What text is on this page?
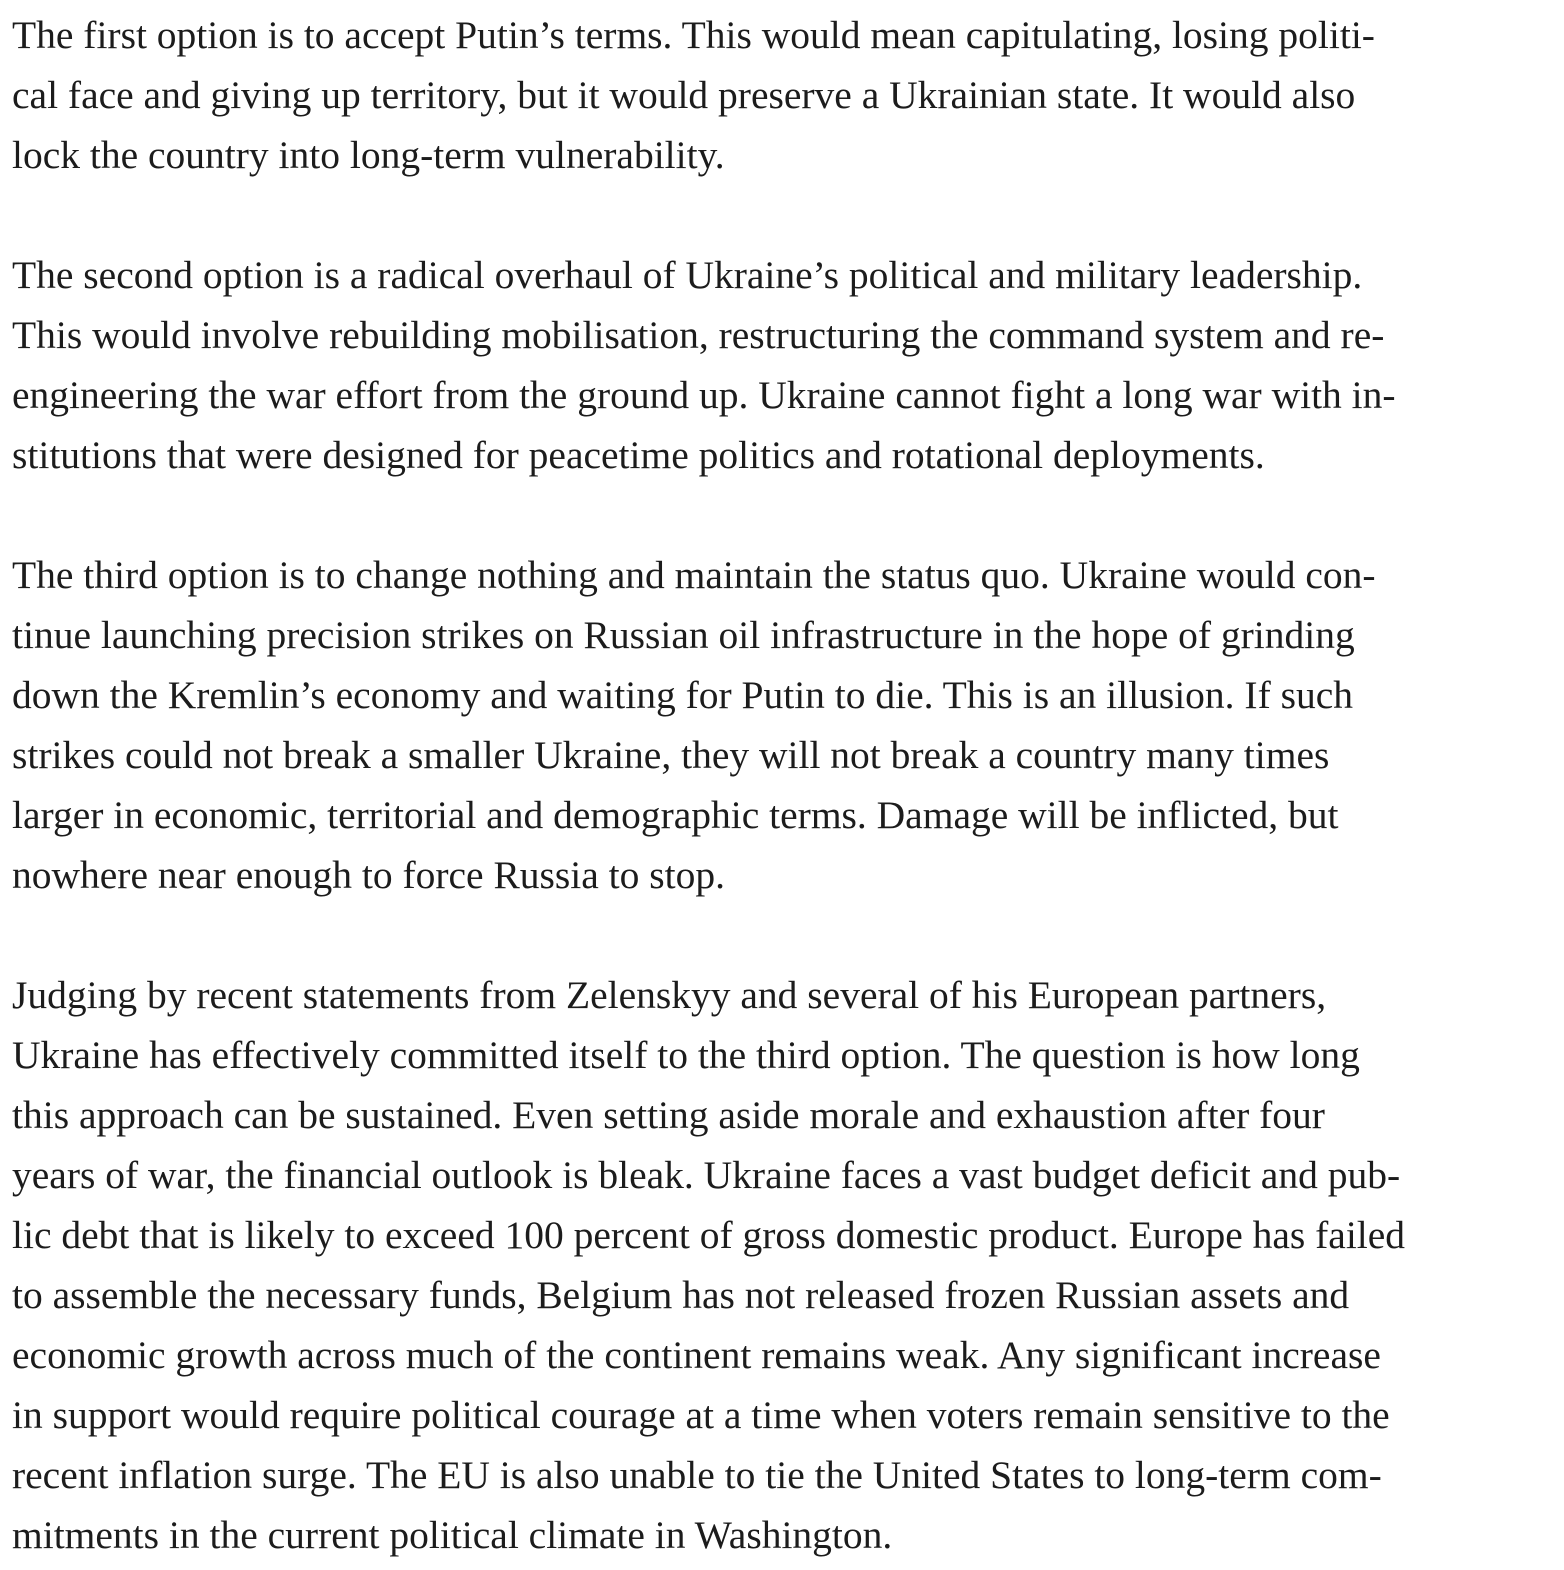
The first option is to accept Putin’s terms. This would mean capitulating, losing politi-
cal face and giving up territory, but it would preserve a Ukrainian state. It would also
lock the country into long-term vulnerability.

The second option is a radical overhaul of Ukraine’s political and military leadership.
This would involve rebuilding mobilisation, restructuring the command system and re-
engineering the war effort from the ground up. Ukraine cannot fight a long war with in-
stitutions that were designed for peacetime politics and rotational deployments.

The third option is to change nothing and maintain the status quo. Ukraine would con-
tinue launching precision strikes on Russian oil infrastructure in the hope of grinding
down the Kremlin’s economy and waiting for Putin to die. This is an illusion. If such
strikes could not break a smaller Ukraine, they will not break a country many times
larger in economic, territorial and demographic terms. Damage will be inflicted, but
nowhere near enough to force Russia to stop.

Judging by recent statements from Zelenskyy and several of his European partners,
Ukraine has effectively committed itself to the third option. The question is how long
this approach can be sustained. Even setting aside morale and exhaustion after four
years of war, the financial outlook is bleak. Ukraine faces a vast budget deficit and pub-
lic debt that is likely to exceed 100 percent of gross domestic product. Europe has failed
to assemble the necessary funds, Belgium has not released frozen Russian assets and
economic growth across much of the continent remains weak. Any significant increase
in support would require political courage at a time when voters remain sensitive to the
recent inflation surge. The EU is also unable to tie the United States to long-term com-
mitments in the current political climate in Washington.
